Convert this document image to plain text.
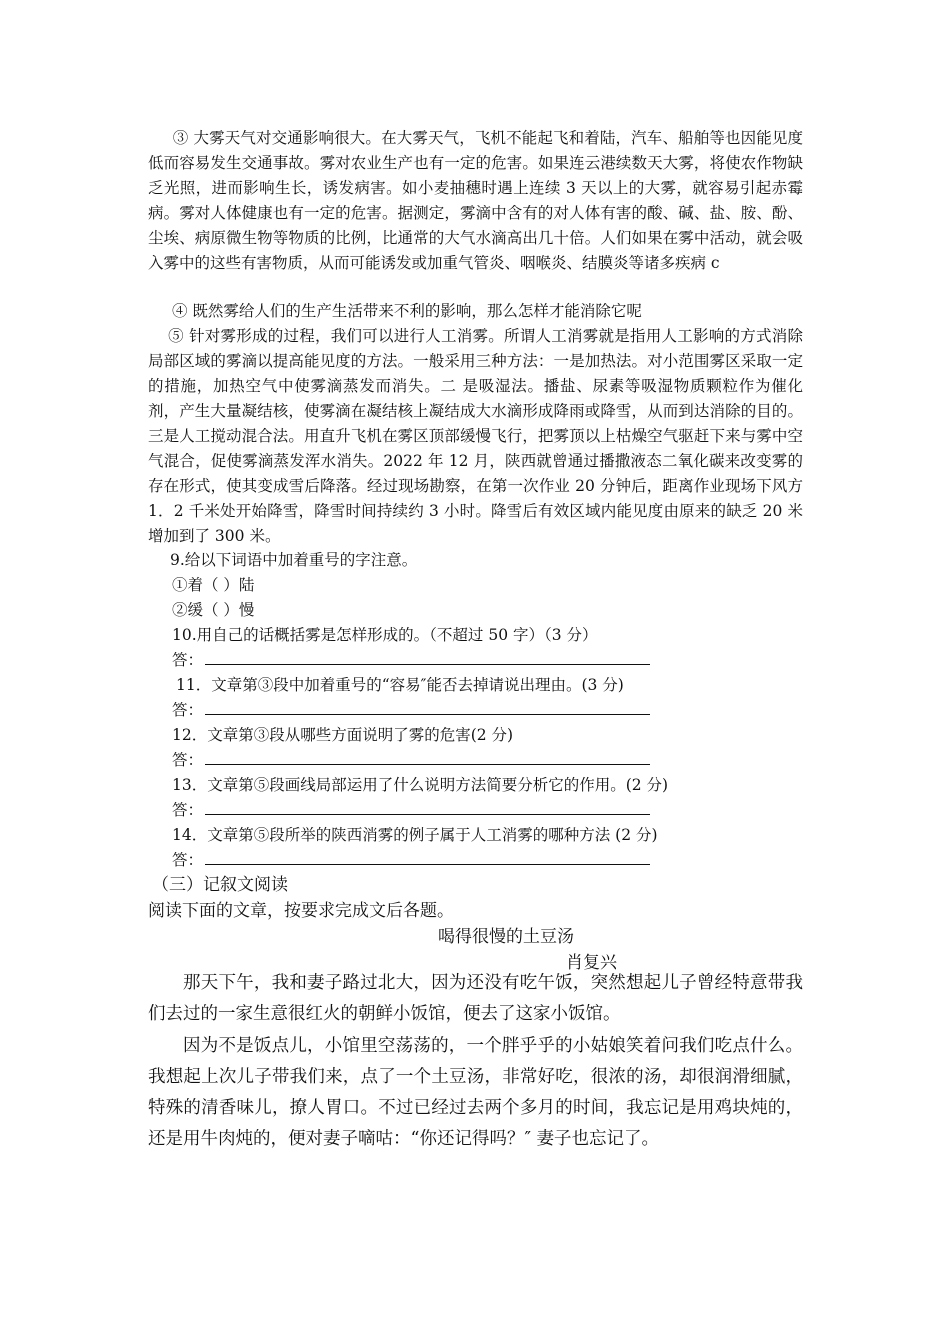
③ 大雾天气对交通影响很大。在大雾天气，飞机不能起飞和着陆，汽车、船舶等也因能见度低而容易发生交通事故。雾对农业生产也有一定的危害。如果连云港续数天大雾，将使农作物缺乏光照，进而影响生长，诱发病害。如小麦抽穗时遇上连续 3 天以上的大雾，就容易引起赤霉病。雾对人体健康也有一定的危害。据测定，雾滴中含有的对人体有害的酸、碱、盐、胺、酚、尘埃、病原微生物等物质的比例，比通常的大气水滴高出几十倍。人们如果在雾中活动，就会吸入雾中的这些有害物质，从而可能诱发或加重气管炎、咽喉炎、结膜炎等诸多疾病 c

④ 既然雾给人们的生产生活带来不利的影响，那么怎样才能消除它呢

⑤ 针对雾形成的过程，我们可以进行人工消雾。所谓人工消雾就是指用人工影响的方式消除局部区域的雾滴以提高能见度的方法。一般采用三种方法：一是加热法。对小范围雾区采取一定的措施，加热空气中使雾滴蒸发而消失。二 是吸湿法。播盐、尿素等吸湿物质颗粒作为催化剂，产生大量凝结核，使雾滴在凝结核上凝结成大水滴形成降雨或降雪，从而到达消除的目的。三是人工搅动混合法。用直升飞机在雾区顶部缓慢飞行，把雾顶以上枯燥空气驱赶下来与雾中空气混合，促使雾滴蒸发浑水消失。2022 年 12 月，陕西就曾通过播撒液态二氧化碳来改变雾的存在形式，使其变成雪后降落。经过现场勘察，在第一次作业 20 分钟后，距离作业现场下风方 1．2 千米处开始降雪，降雪时间持续约 3 小时。降雪后有效区域内能见度由原来的缺乏 20 米增加到了 300 米。

9.给以下词语中加着重号的字注意。

①着（ ）陆

②缓（ ）慢

10.用自己的话概括雾是怎样形成的。（不超过 50 字）（3 分）

答：

11．文章第③段中加着重号的“容易″能否去掉请说出理由。(3 分)

答：

12．文章第③段从哪些方面说明了雾的危害(2 分)

答：

13．文章第⑤段画线局部运用了什么说明方法简要分析它的作用。(2 分)

答：

14．文章第⑤段所举的陕西消雾的例子属于人工消雾的哪种方法 (2 分)

答：

（三）记叙文阅读

阅读下面的文章，按要求完成文后各题。

喝得很慢的土豆汤

肖复兴

那天下午，我和妻子路过北大，因为还没有吃午饭，突然想起儿子曾经特意带我们去过的一家生意很红火的朝鲜小饭馆，便去了这家小饭馆。

因为不是饭点儿，小馆里空荡荡的，一个胖乎乎的小姑娘笑着问我们吃点什么。我想起上次儿子带我们来，点了一个土豆汤，非常好吃，很浓的汤，却很润滑细腻，特殊的清香味儿，撩人胃口。不过已经过去两个多月的时间，我忘记是用鸡块炖的，还是用牛肉炖的，便对妻子嘀咕：“你还记得吗？″ 妻子也忘记了。
